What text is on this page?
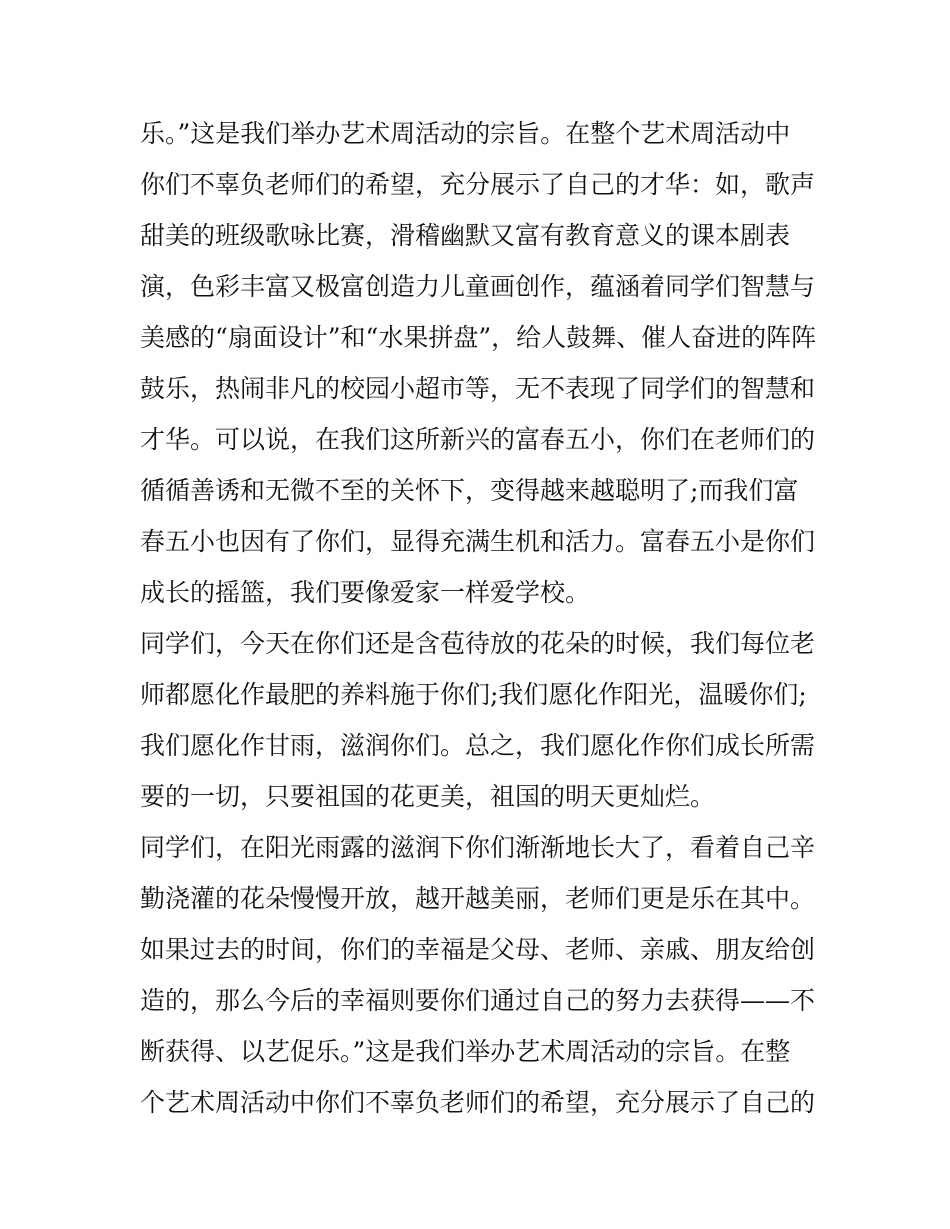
乐。”这是我们举办艺术周活动的宗旨。在整个艺术周活动中

你们不辜负老师们的希望，充分展示了自己的才华：如，歌声

甜美的班级歌咏比赛，滑稽幽默又富有教育意义的课本剧表

演，色彩丰富又极富创造力儿童画创作，蕴涵着同学们智慧与

美感的“扇面设计”和“水果拼盘”，给人鼓舞、催人奋进的阵阵

鼓乐，热闹非凡的校园小超市等，无不表现了同学们的智慧和

才华。可以说，在我们这所新兴的富春五小，你们在老师们的

循循善诱和无微不至的关怀下，变得越来越聪明了;而我们富

春五小也因有了你们，显得充满生机和活力。富春五小是你们

成长的摇篮，我们要像爱家一样爱学校。

同学们，今天在你们还是含苞待放的花朵的时候，我们每位老

师都愿化作最肥的养料施于你们;我们愿化作阳光，温暖你们;

我们愿化作甘雨，滋润你们。总之，我们愿化作你们成长所需

要的一切，只要祖国的花更美，祖国的明天更灿烂。

同学们，在阳光雨露的滋润下你们渐渐地长大了，看着自己辛

勤浇灌的花朵慢慢开放，越开越美丽，老师们更是乐在其中。

如果过去的时间，你们的幸福是父母、老师、亲戚、朋友给创

造的，那么今后的幸福则要你们通过自己的努力去获得——不

断获得、以艺促乐。”这是我们举办艺术周活动的宗旨。在整

个艺术周活动中你们不辜负老师们的希望，充分展示了自己的
